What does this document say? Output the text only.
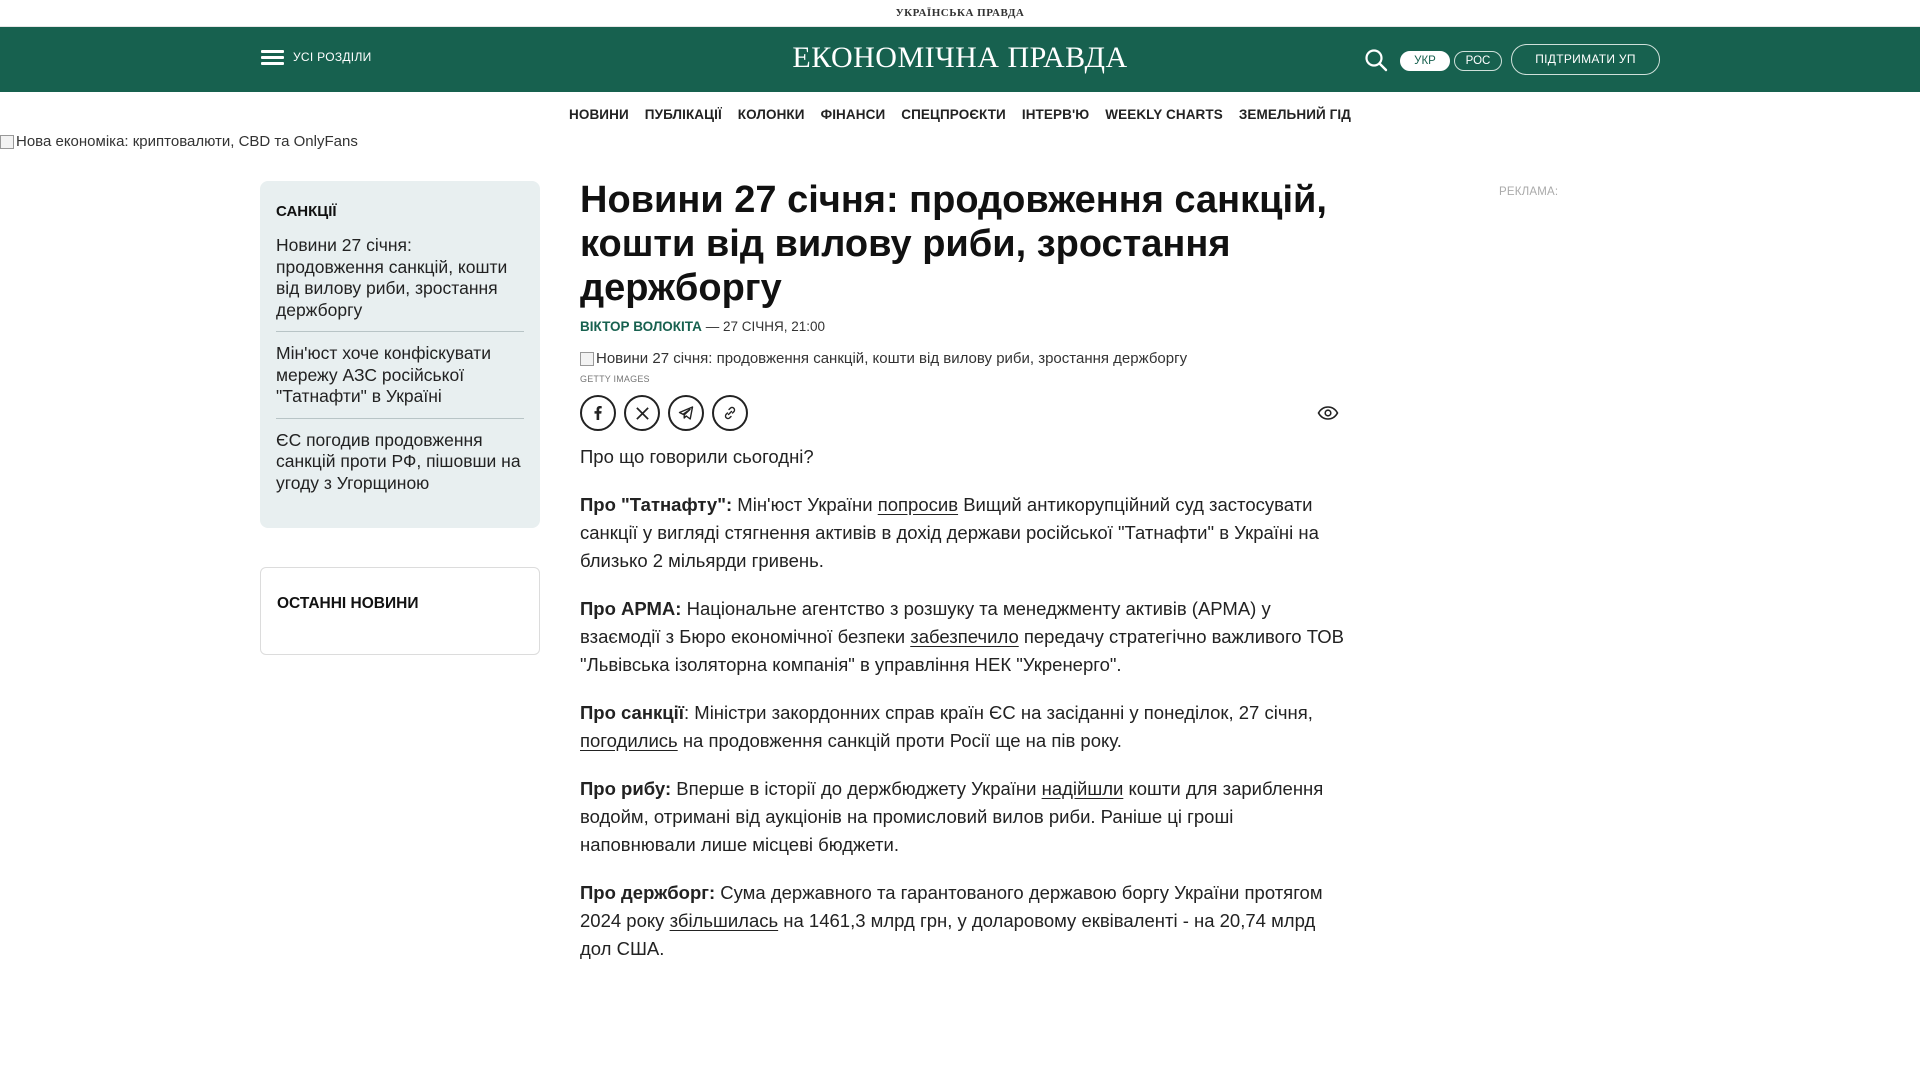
УКРАЇНСЬКА ПРАВДА
УСІ РОЗДІЛИ	ЕКОНОМІЧНА ПРАВДА	УКР	РОС	ПІДТРИМАТИ УП
НОВИНИ ПУБЛІКАЦІЇ КОЛОНКИ ФІНАНСИ СПЕЦПРОЄКТИ ІНТЕРВ'Ю WEEKLY CHARTS ЗЕМЕЛЬНИЙ ГІД
Нова економіка: криптовалюти, CBD та OnlyFans
САНКЦІЇ
Новини 27 січня: продовження санкцій, кошти від вилову риби, зростання держборгу
Мін'юст хоче конфіскувати мережу АЗС російської "Татнафти" в Україні
ЄС погодив продовження санкцій проти РФ, пішовши на угоду з Угорщиною
ОСТАННІ НОВИНИ
Новини 27 січня: продовження санкцій, кошти від вилову риби, зростання держборгу
ВІКТОР ВОЛОКІТА — 27 СІЧНЯ, 21:00
Новини 27 січня: продовження санкцій, кошти від вилову риби, зростання держборгу
GETTY IMAGES

Про що говорили сьогодні?

Про "Татнафту": Мін'юст України попросив Вищий антикорупційний суд застосувати санкції у вигляді стягнення активів в дохід держави російської "Татнафти" в Україні на близько 2 мільярди гривень.

Про АРМА: Національне агентство з розшуку та менеджменту активів (АРМА) у взаємодії з Бюро економічної безпеки забезпечило передачу стратегічно важливого ТОВ "Львівська ізоляторна компанія" в управління НЕК "Укренерго".

Про санкції: Міністри закордонних справ країн ЄС на засіданні у понеділок, 27 січня, погодились на продовження санкцій проти Росії ще на пів року.

Про рибу: Вперше в історії до держбюджету України надійшли кошти для зариблення водойм, отримані від аукціонів на промисловий вилов риби. Раніше ці гроші наповнювали лише місцеві бюджети.

Про держборг: Сума державного та гарантованого державою боргу України протягом 2024 року збільшилась на 1461,3 млрд грн, у доларовому еквіваленті - на 20,74 млрд дол США.

РЕКЛАМА:
